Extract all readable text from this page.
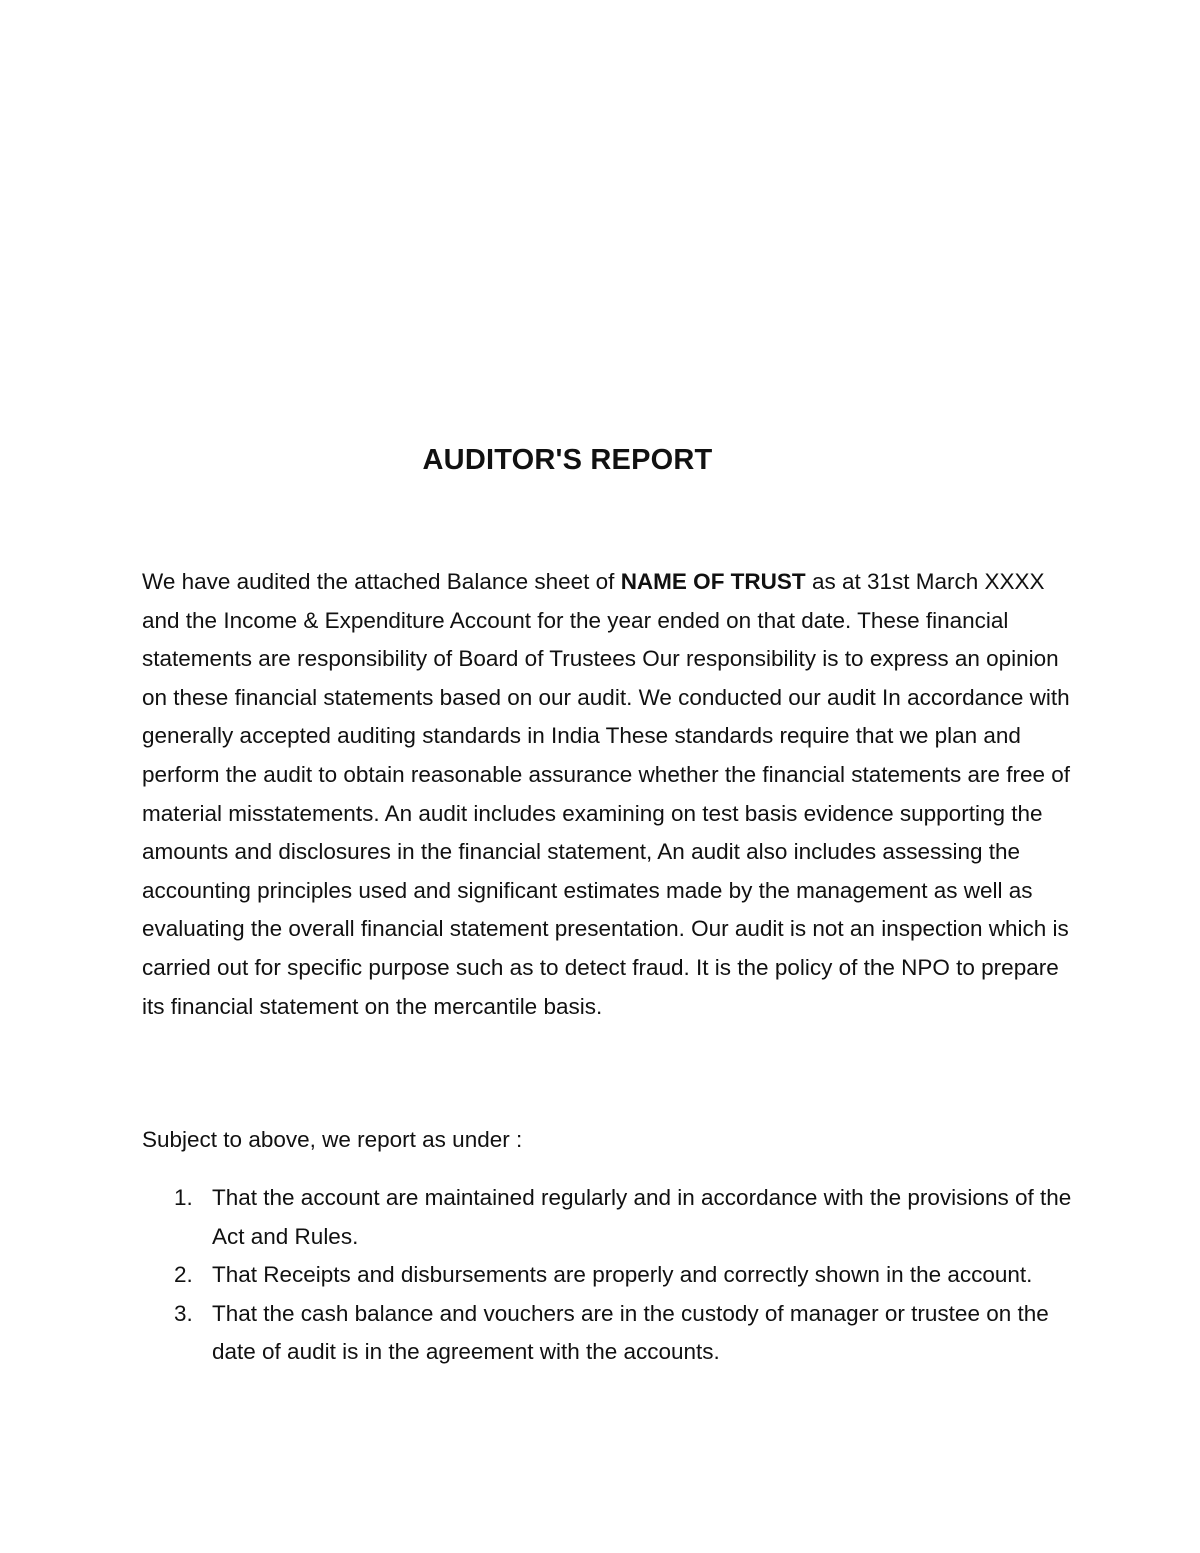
AUDITOR'S REPORT
We have audited the attached Balance sheet of NAME OF TRUST as at 31st March XXXX and the Income & Expenditure Account for the year ended on that date. These financial statements are responsibility of Board of Trustees Our responsibility is to express an opinion on these financial statements based on our audit. We conducted our audit In accordance with generally accepted auditing standards in India These standards require that we plan and perform the audit to obtain reasonable assurance whether the financial statements are free of material misstatements. An audit includes examining on test basis evidence supporting the amounts and disclosures in the financial statement, An audit also includes assessing the accounting principles used and significant estimates made by the management as well as evaluating the overall financial statement presentation. Our audit is not an inspection which is carried out for specific purpose such as to detect fraud. It is the policy of the NPO to prepare its financial statement on the mercantile basis.
Subject to above, we report as under :
1. That the account are maintained regularly and in accordance with the provisions of the Act and Rules.
2. That Receipts and disbursements are properly and correctly shown in the account.
3. That the cash balance and vouchers are in the custody of manager or trustee on the date of audit is in the agreement with the accounts.
